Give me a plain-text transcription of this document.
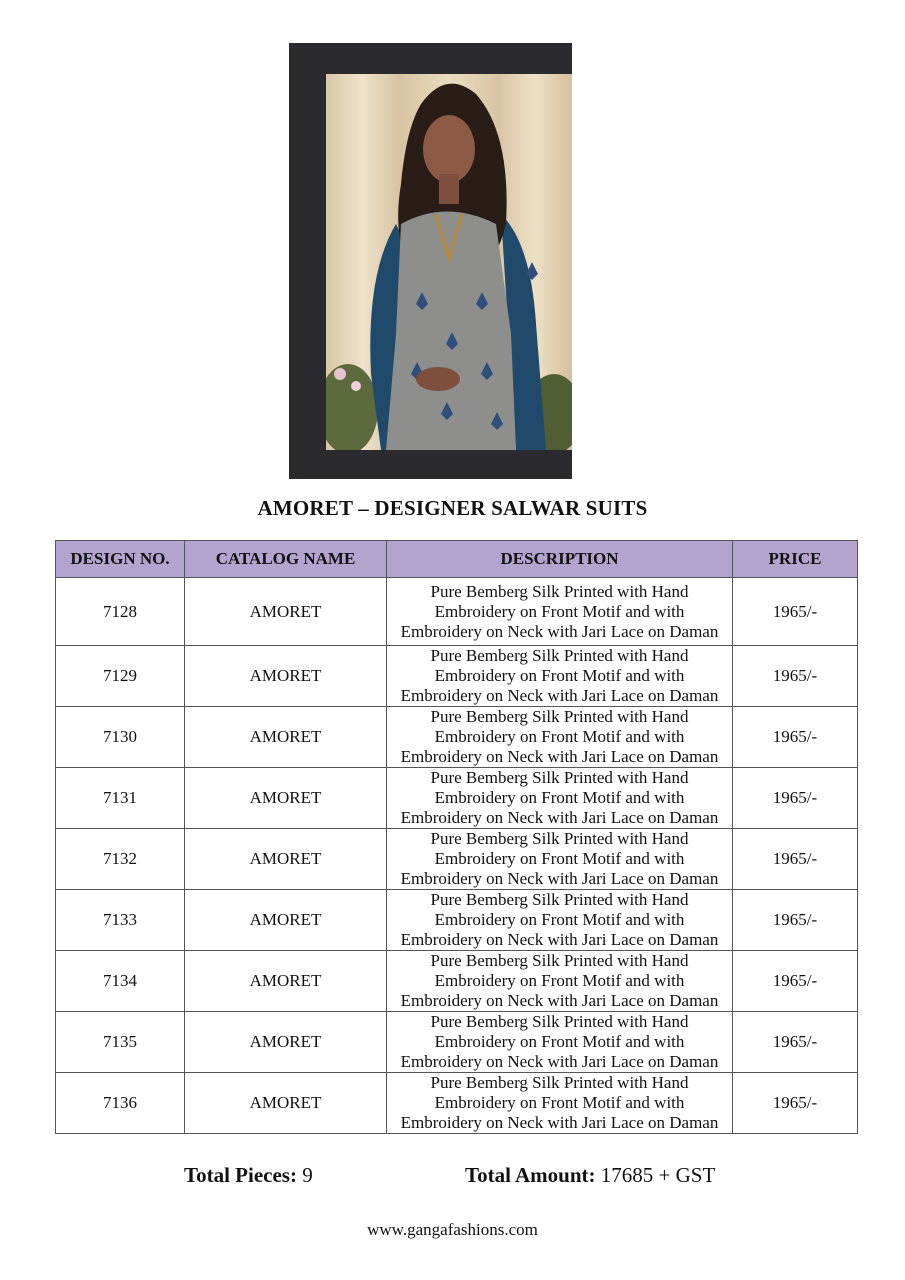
AMORET – DESIGNER SALWAR SUITS
DESIGN NO.	CATALOG NAME	DESCRIPTION	PRICE
7128	AMORET	Pure Bemberg Silk Printed with Hand
Embroidery on Front Motif and with
Embroidery on Neck with Jari Lace on Daman	1965/-
7129	AMORET	Pure Bemberg Silk Printed with Hand
Embroidery on Front Motif and with
Embroidery on Neck with Jari Lace on Daman	1965/-
7130	AMORET	Pure Bemberg Silk Printed with Hand
Embroidery on Front Motif and with
Embroidery on Neck with Jari Lace on Daman	1965/-
7131	AMORET	Pure Bemberg Silk Printed with Hand
Embroidery on Front Motif and with
Embroidery on Neck with Jari Lace on Daman	1965/-
7132	AMORET	Pure Bemberg Silk Printed with Hand
Embroidery on Front Motif and with
Embroidery on Neck with Jari Lace on Daman	1965/-
7133	AMORET	Pure Bemberg Silk Printed with Hand
Embroidery on Front Motif and with
Embroidery on Neck with Jari Lace on Daman	1965/-
7134	AMORET	Pure Bemberg Silk Printed with Hand
Embroidery on Front Motif and with
Embroidery on Neck with Jari Lace on Daman	1965/-
7135	AMORET	Pure Bemberg Silk Printed with Hand
Embroidery on Front Motif and with
Embroidery on Neck with Jari Lace on Daman	1965/-
7136	AMORET	Pure Bemberg Silk Printed with Hand
Embroidery on Front Motif and with
Embroidery on Neck with Jari Lace on Daman	1965/-
Total Pieces: 9	Total Amount: 17685 + GST
www.gangafashions.com
